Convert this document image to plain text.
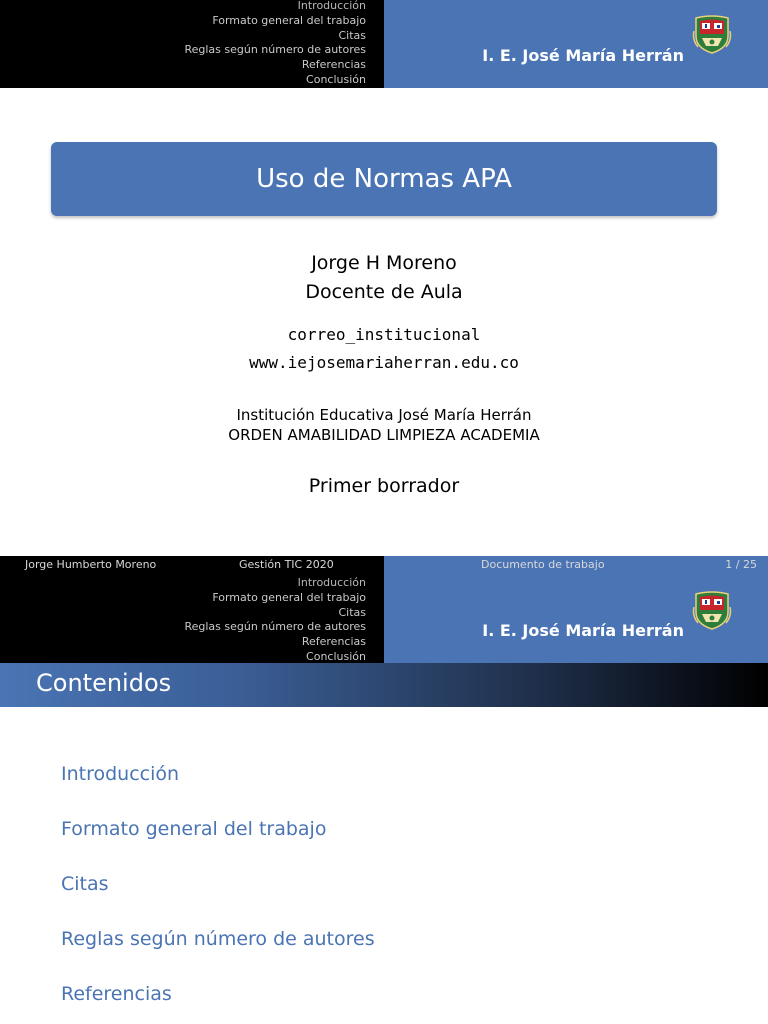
Introducción
Formato general del trabajo
Citas
Reglas según número de autores
Referencias
Conclusión
I. E. José María Herrán
Uso de Normas APA
Jorge H Moreno
Docente de Aula
correo_institucional
www.iejosemariaherran.edu.co
Institución Educativa José María Herrán
ORDEN AMABILIDAD LIMPIEZA ACADEMIA
Primer borrador
Jorge Humberto Moreno	Gestión TIC 2020	Documento de trabajo	1 / 25
Introducción
Formato general del trabajo
Citas
Reglas según número de autores
Referencias
Conclusión
I. E. José María Herrán
Contenidos
Introducción
Formato general del trabajo
Citas
Reglas según número de autores
Referencias
